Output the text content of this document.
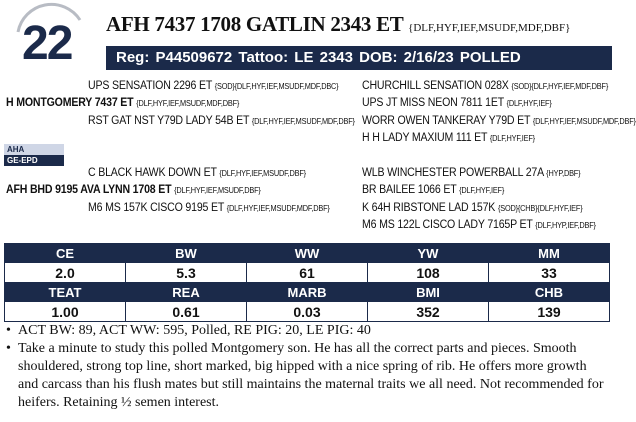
22 AFH 7437 1708 GATLIN 2343 ET {DLF,HYF,IEF,MSUDF,MDF,DBF}
Reg: P44509672 Tattoo: LE 2343 DOB: 2/16/23 POLLED
UPS SENSATION 2296 ET {SOD}{DLF,HYF,IEF,MSUDF,MDF,DBC}
H MONTGOMERY 7437 ET {DLF,HYF,IEF,MSUDF,MDF,DBF}
RST GAT NST Y79D LADY 54B ET {DLF,HYF,IEF,MSUDF,MDF,DBF}
CHURCHILL SENSATION 028X {SOD}{DLF,HYF,IEF,MDF,DBF}
UPS JT MISS NEON 7811 1ET {DLF,HYF,IEF}
WORR OWEN TANKERAY Y79D ET {DLF,HYF,IEF,MSUDF,MDF,DBF}
H H LADY MAXIUM 111 ET {DLF,HYF,IEF}
AHA
GE-EPD
C BLACK HAWK DOWN ET {DLF,HYF,IEF,MSUDF,DBF}
AFH BHD 9195 AVA LYNN 1708 ET {DLF,HYF,IEF,MSUDF,DBF}
M6 MS 157K CISCO 9195 ET {DLF,HYF,IEF,MSUDF,MDF,DBF}
WLB WINCHESTER POWERBALL 27A {HYP,DBF}
BR BAILEE 1066 ET {DLF,HYF,IEF}
K 64H RIBSTONE LAD 157K {SOD}{CHB}{DLF,HYF,IEF}
M6 MS 122L CISCO LADY 7165P ET {DLF,HYP,IEF,DBF}
CE	BW	WW	YW	MM
2.0	5.3	61	108	33
TEAT	REA	MARB	BMI	CHB
1.00	0.61	0.03	352	139
• ACT BW: 89, ACT WW: 595, Polled, RE PIG: 20, LE PIG: 40
• Take a minute to study this polled Montgomery son. He has all the correct parts and pieces. Smooth shouldered, strong top line, short marked, big hipped with a nice spring of rib. He offers more growth and carcass than his flush mates but still maintains the maternal traits we all need. Not recommended for heifers. Retaining ½ semen interest.
